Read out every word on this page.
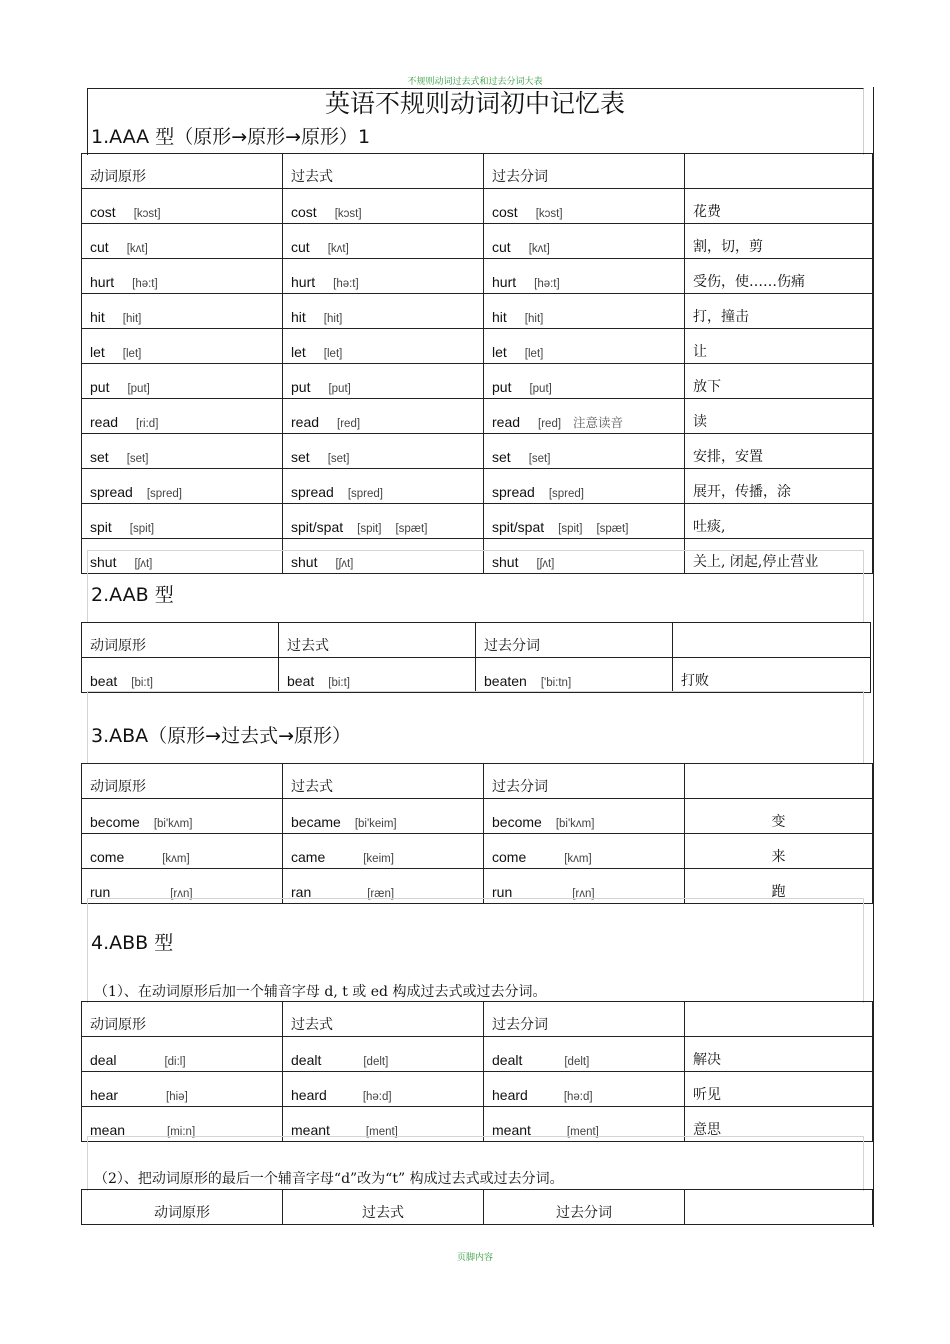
不规则动词过去式和过去分词大表
英语不规则动词初中记忆表
1.AAA 型（原形→原形→原形）1
动词原形	过去式	过去分词	
cost [kɔst]	cost [kɔst]	cost [kɔst]	花费
cut [kʌt]	cut [kʌt]	cut [kʌt]	割，切，剪
hurt [hə:t]	hurt [hə:t]	hurt [hə:t]	受伤，使……伤痛
hit [hit]	hit [hit]	hit [hit]	打，撞击
let [let]	let [let]	let [let]	让
put [put]	put [put]	put [put]	放下
read [ri:d]	read [red]	read [red] 注意读音	读
set [set]	set [set]	set [set]	安排，安置
spread [spred]	spread [spred]	spread [spred]	展开，传播，涂
spit [spit]	spit/spat [spit] [spæt]	spit/spat [spit] [spæt]	吐痰,
shut [ʃʌt]	shut [ʃʌt]	shut [ʃʌt]	关上, 闭起,停止营业
2.AAB 型
动词原形	过去式	过去分词	
beat [bi:t]	beat [bi:t]	beaten ['bi:tn]	打败
3.ABA（原形→过去式→原形）
动词原形	过去式	过去分词	
become [bi'kʌm]	became [bi'keim]	become [bi'kʌm]	变
come [kʌm]	came [keim]	come [kʌm]	来
run [rʌn]	ran [ræn]	run [rʌn]	跑
4.ABB 型
（1）、在动词原形后加一个辅音字母 d, t 或 ed 构成过去式或过去分词。
动词原形	过去式	过去分词	
deal [di:l]	dealt [delt]	dealt [delt]	解决
hear [hiə]	heard [hə:d]	heard [hə:d]	听见
mean [mi:n]	meant [ment]	meant [ment]	意思
（2）、把动词原形的最后一个辅音字母“d”改为“t” 构成过去式或过去分词。
动词原形	过去式	过去分词	
页脚内容
